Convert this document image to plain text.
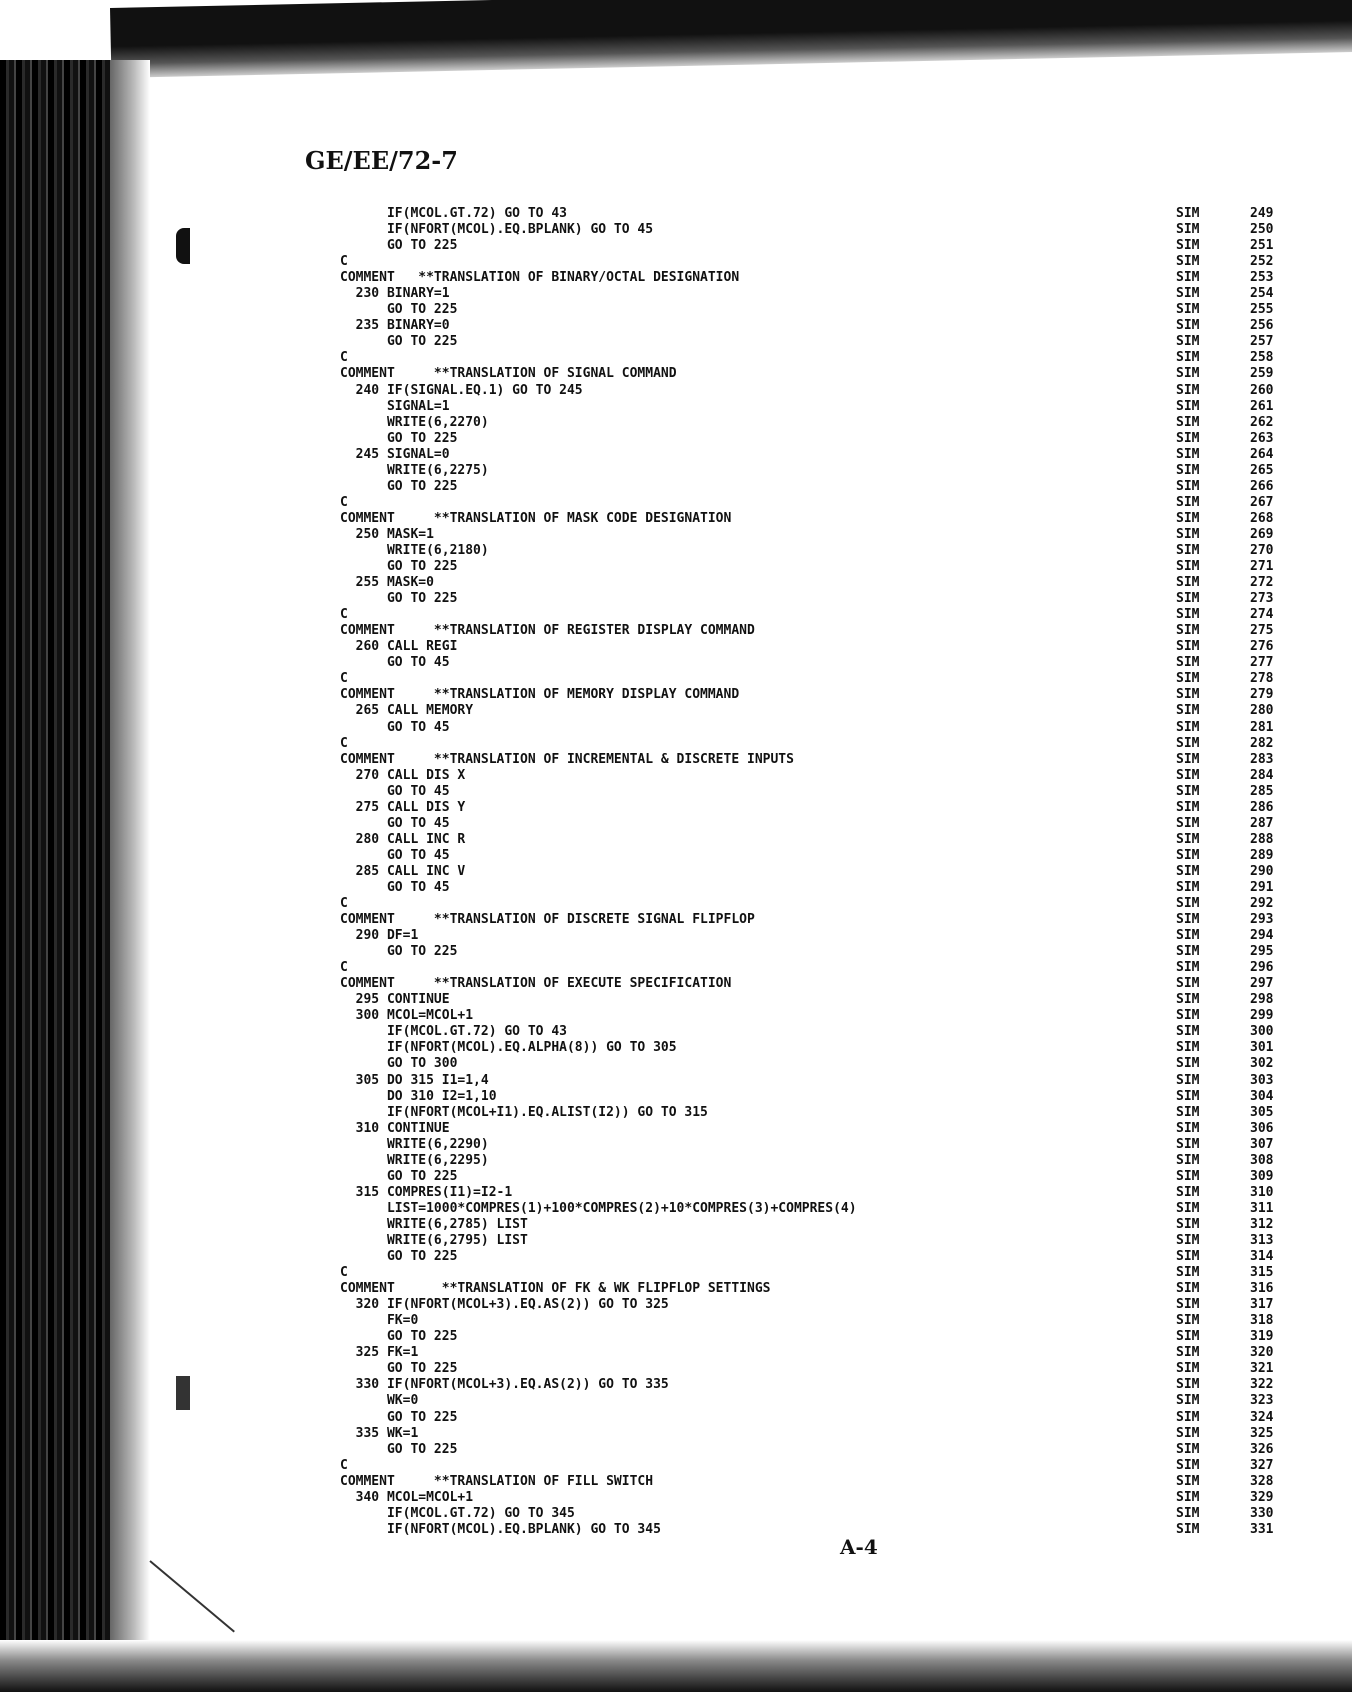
GE/EE/72-7
IF(MCOL.GT.72) GO TO 43	SIM	249
IF(NFORT(MCOL).EQ.BPLANK) GO TO 45	SIM	250
GO TO 225	SIM	251
C	SIM	252
COMMENT   **TRANSLATION OF BINARY/OCTAL DESIGNATION	SIM	253
230 BINARY=1	SIM	254
GO TO 225	SIM	255
235 BINARY=0	SIM	256
GO TO 225	SIM	257
C	SIM	258
COMMENT     **TRANSLATION OF SIGNAL COMMAND	SIM	259
240 IF(SIGNAL.EQ.1) GO TO 245	SIM	260
SIGNAL=1	SIM	261
WRITE(6,2270)	SIM	262
GO TO 225	SIM	263
245 SIGNAL=0	SIM	264
WRITE(6,2275)	SIM	265
GO TO 225	SIM	266
C	SIM	267
COMMENT     **TRANSLATION OF MASK CODE DESIGNATION	SIM	268
250 MASK=1	SIM	269
WRITE(6,2180)	SIM	270
GO TO 225	SIM	271
255 MASK=0	SIM	272
GO TO 225	SIM	273
C	SIM	274
COMMENT     **TRANSLATION OF REGISTER DISPLAY COMMAND	SIM	275
260 CALL REGI	SIM	276
GO TO 45	SIM	277
C	SIM	278
COMMENT     **TRANSLATION OF MEMORY DISPLAY COMMAND	SIM	279
265 CALL MEMORY	SIM	280
GO TO 45	SIM	281
C	SIM	282
COMMENT     **TRANSLATION OF INCREMENTAL & DISCRETE INPUTS	SIM	283
270 CALL DIS X	SIM	284
GO TO 45	SIM	285
275 CALL DIS Y	SIM	286
GO TO 45	SIM	287
280 CALL INC R	SIM	288
GO TO 45	SIM	289
285 CALL INC V	SIM	290
GO TO 45	SIM	291
C	SIM	292
COMMENT     **TRANSLATION OF DISCRETE SIGNAL FLIPFLOP	SIM	293
290 DF=1	SIM	294
GO TO 225	SIM	295
C	SIM	296
COMMENT     **TRANSLATION OF EXECUTE SPECIFICATION	SIM	297
295 CONTINUE	SIM	298
300 MCOL=MCOL+1	SIM	299
IF(MCOL.GT.72) GO TO 43	SIM	300
IF(NFORT(MCOL).EQ.ALPHA(8)) GO TO 305	SIM	301
GO TO 300	SIM	302
305 DO 315 I1=1,4	SIM	303
DO 310 I2=1,10	SIM	304
IF(NFORT(MCOL+I1).EQ.ALIST(I2)) GO TO 315	SIM	305
310 CONTINUE	SIM	306
WRITE(6,2290)	SIM	307
WRITE(6,2295)	SIM	308
GO TO 225	SIM	309
315 COMPRES(I1)=I2-1	SIM	310
LIST=1000*COMPRES(1)+100*COMPRES(2)+10*COMPRES(3)+COMPRES(4)	SIM	311
WRITE(6,2785) LIST	SIM	312
WRITE(6,2795) LIST	SIM	313
GO TO 225	SIM	314
C	SIM	315
COMMENT      **TRANSLATION OF FK & WK FLIPFLOP SETTINGS	SIM	316
320 IF(NFORT(MCOL+3).EQ.AS(2)) GO TO 325	SIM	317
FK=0	SIM	318
GO TO 225	SIM	319
325 FK=1	SIM	320
GO TO 225	SIM	321
330 IF(NFORT(MCOL+3).EQ.AS(2)) GO TO 335	SIM	322
WK=0	SIM	323
GO TO 225	SIM	324
335 WK=1	SIM	325
GO TO 225	SIM	326
C	SIM	327
COMMENT     **TRANSLATION OF FILL SWITCH	SIM	328
340 MCOL=MCOL+1	SIM	329
IF(MCOL.GT.72) GO TO 345	SIM	330
IF(NFORT(MCOL).EQ.BPLANK) GO TO 345	SIM	331
A-4
